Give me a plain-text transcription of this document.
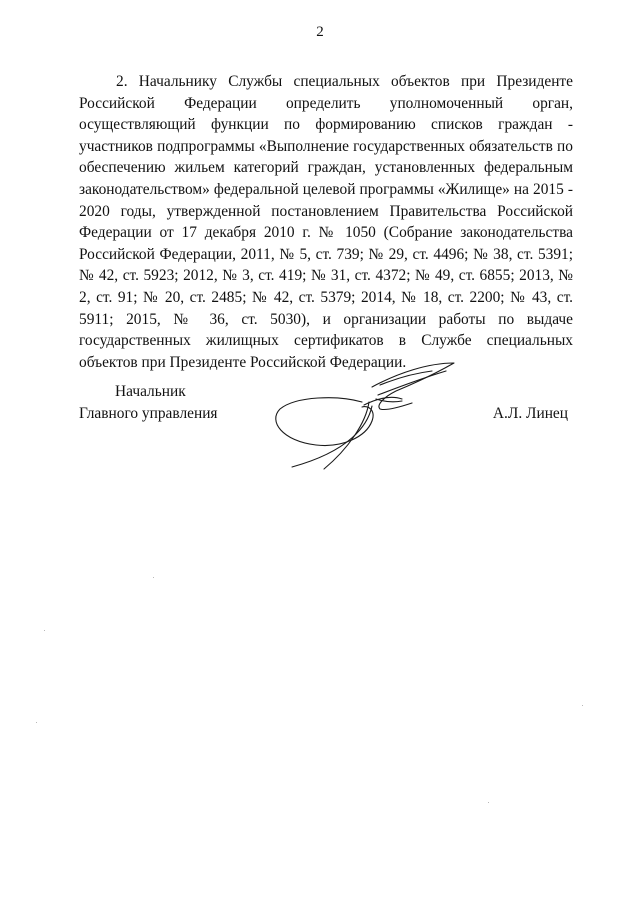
2

2. Начальнику Службы специальных объектов при Президенте Российской Федерации определить уполномоченный орган, осуществляющий функции по формированию списков граждан - участников подпрограммы «Выполнение государственных обязательств по обеспечению жильем категорий граждан, установленных федеральным законодательством» федеральной целевой программы «Жилище» на 2015 - 2020 годы, утвержденной постановлением Правительства Российской Федерации от 17 декабря 2010 г. № 1050 (Собрание законодательства Российской Федерации, 2011, № 5, ст. 739; № 29, ст. 4496; № 38, ст. 5391; № 42, ст. 5923; 2012, № 3, ст. 419; № 31, ст. 4372; № 49, ст. 6855; 2013, № 2, ст. 91; № 20, ст. 2485; № 42, ст. 5379; 2014, № 18, ст. 2200; № 43, ст. 5911; 2015, № 36, ст. 5030), и организации работы по выдаче государственных жилищных сертификатов в Службе специальных объектов при Президенте Российской Федерации.

Начальник
Главного управления	А.Л. Линец
